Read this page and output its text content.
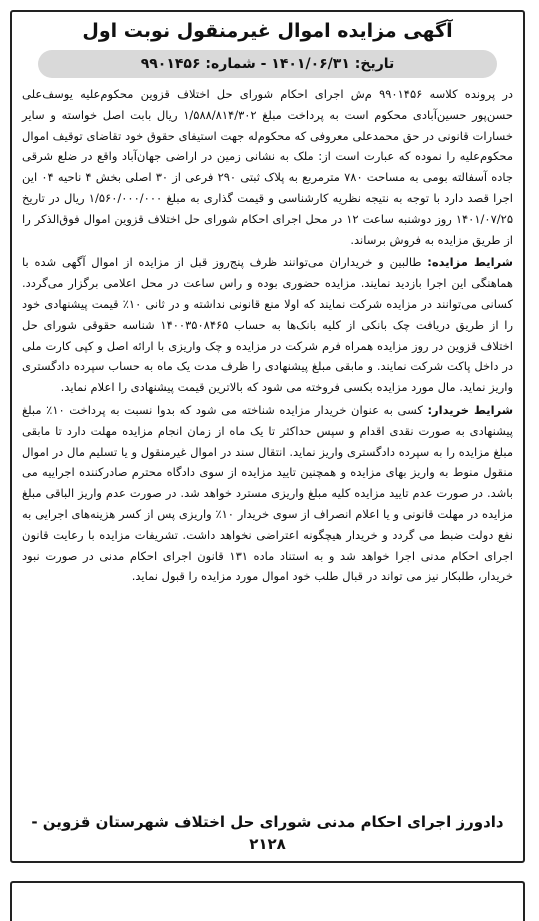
آگهی مزایده اموال غیرمنقول نوبت اول
تاریخ: ۱۴۰۱/۰۶/۳۱ - شماره: ۹۹۰۱۴۵۶

در پرونده کلاسه ۹۹۰۱۴۵۶ م‌ش اجرای احکام شورای حل اختلاف قزوین محکوم‌علیه یوسف‌علی حسن‌پور حسین‌آبادی محکوم است به پرداخت مبلغ ۱/۵۸۸/۸۱۴/۳۰۲ ریال بابت اصل خواسته و سایر خسارات قانونی در حق محمدعلی معروفی که محکوم‌له جهت استیفای حقوق خود تقاضای توقیف اموال محکوم‌علیه را نموده که عبارت است از: ملک به نشانی زمین در اراضی جهان‌آباد واقع در ضلع شرقی جاده آسفالته بومی به مساحت ۷۸۰ مترمربع به پلاک ثبتی ۲۹۰ فرعی از ۳۰ اصلی بخش ۴ ناحیه ۰۴ این اجرا قصد دارد با توجه به نتیجه نظریه کارشناسی و قیمت گذاری به مبلغ ۱/۵۶۰/۰۰۰/۰۰۰ ریال در تاریخ ۱۴۰۱/۰۷/۲۵ روز دوشنبه ساعت ۱۲ در محل اجرای احکام شورای حل اختلاف قزوین اموال فوق‌الذکر را از طریق مزایده به فروش برساند.

شرایط مزایده: طالبین و خریداران می‌توانند ظرف پنج‌روز قبل از مزایده از اموال آگهی شده با هماهنگی این اجرا بازدید نمایند. مزایده حضوری بوده و راس ساعت در محل اعلامی برگزار می‌گردد. کسانی می‌توانند در مزایده شرکت نمایند که اولا منع قانونی نداشته و در ثانی ۱۰٪ قیمت پیشنهادی خود را از طریق دریافت چک بانکی از کلیه بانک‌ها به حساب ۱۴۰۰۳۵۰۸۴۶۵ شناسه حقوقی شورای حل اختلاف قزوین در روز مزایده همراه فرم شرکت در مزایده و چک واریزی با ارائه اصل و کپی کارت ملی در داخل پاکت شرکت نمایند. و مابقی مبلغ پیشنهادی را ظرف مدت یک ماه به حساب سپرده دادگستری واریز نماید. مال مورد مزایده بکسی فروخته می شود که بالاترین قیمت پیشنهادی را اعلام نماید.

شرایط خریدار: کسی به عنوان خریدار مزایده شناخته می شود که بدوا نسبت به پرداخت ۱۰٪ مبلغ پیشنهادی به صورت نقدی اقدام و سپس حداکثر تا یک ماه از زمان انجام مزایده مهلت دارد تا مابقی مبلغ مزایده را به سپرده دادگستری واریز نماید. انتقال سند در اموال غیرمنقول و یا تسلیم مال در اموال منقول منوط به واریز بهای مزایده و همچنین تایید مزایده از سوی دادگاه محترم صادرکننده اجراییه می باشد. در صورت عدم تایید مزایده کلیه مبلغ واریزی مسترد خواهد شد. در صورت عدم واریز الباقی مبلغ مزایده در مهلت قانونی و یا اعلام انصراف از سوی خریدار ۱۰٪ واریزی پس از کسر هزینه‌های اجرایی به نفع دولت ضبط می گردد و خریدار هیچگونه اعتراضی نخواهد داشت. تشریفات مزایده با رعایت قانون اجرای احکام مدنی اجرا خواهد شد و به استناد ماده ۱۳۱ قانون اجرای احکام مدنی در صورت نبود خریدار، طلبکار نیز می تواند در قبال طلب خود اموال مورد مزایده را قبول نماید.

دادورز اجرای احکام مدنی شورای حل اختلاف شهرستان قزوین - ۲۱۲۸
